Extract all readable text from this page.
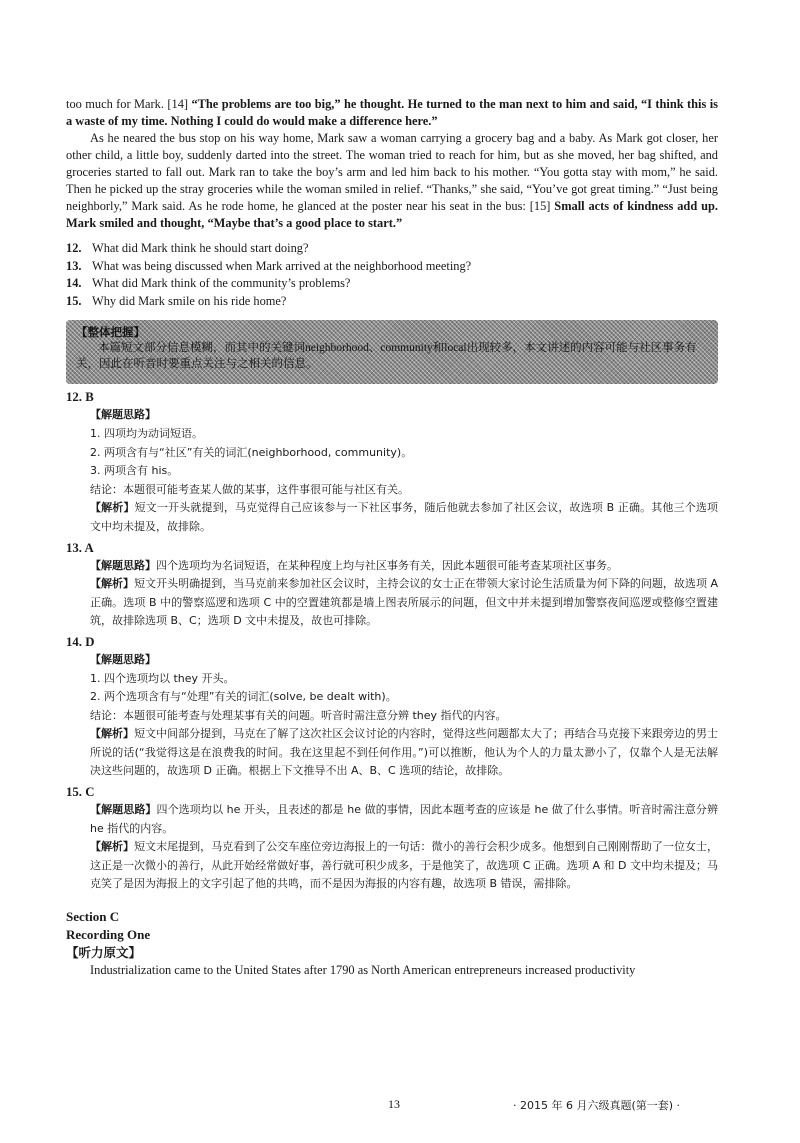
too much for Mark. [14] “The problems are too big,” he thought. He turned to the man next to him and said, “I think this is a waste of my time. Nothing I could do would make a difference here.”

As he neared the bus stop on his way home, Mark saw a woman carrying a grocery bag and a baby. As Mark got closer, her other child, a little boy, suddenly darted into the street. The woman tried to reach for him, but as she moved, her bag shifted, and groceries started to fall out. Mark ran to take the boy’s arm and led him back to his mother. “You gotta stay with mom,” he said. Then he picked up the stray groceries while the woman smiled in relief. “Thanks,” she said, “You’ve got great timing.” “Just being neighborly,” Mark said. As he rode home, he glanced at the poster near his seat in the bus: [15] Small acts of kindness add up. Mark smiled and thought, “Maybe that’s a good place to start.”

12. What did Mark think he should start doing?
13. What was being discussed when Mark arrived at the neighborhood meeting?
14. What did Mark think of the community’s problems?
15. Why did Mark smile on his ride home?
【整体把握】
本篇短文部分信息模糊，而其中的关键词neighborhood、community和local出现较多，本文讲述的内容可能与社区事务有关，因此在听音时要重点关注与之相关的信息。
12. B
【解题思路】
1. 四项均为动词短语。
2. 两项含有与“社区”有关的词汇(neighborhood, community)。
3. 两项含有 his。
结论：本题很可能考查某人做的某事，这件事很可能与社区有关。
【解析】短文一开头就提到，马克觉得自己应该参与一下社区事务，随后他就去参加了社区会议，故选项 B 正确。其他三个选项文中均未提及，故排除。
13. A
【解题思路】四个选项均为名词短语，在某种程度上均与社区事务有关，因此本题很可能考查某项社区事务。
【解析】短文开头明确提到，当马克前来参加社区会议时，主持会议的女士正在带领大家讨论生活质量为何下降的问题，故选项 A 正确。选项 B 中的警察巡逻和选项 C 中的空置建筑都是墙上图表所展示的问题，但文中并未提到增加警察夜间巡逻或整修空置建筑，故排除选项 B、C；选项 D 文中未提及，故也可排除。
14. D
【解题思路】
1. 四个选项均以 they 开头。
2. 两个选项含有与“处理”有关的词汇(solve, be dealt with)。
结论：本题很可能考查与处理某事有关的问题。听音时需注意分辨 they 指代的内容。
【解析】短文中间部分提到，马克在了解了这次社区会议讨论的内容时，觉得这些问题都太大了；再结合马克接下来跟旁边的男士所说的话(“我觉得这是在浪费我的时间。我在这里起不到任何作用。”)可以推断，他认为个人的力量太渺小了，仅靠个人是无法解决这些问题的，故选项 D 正确。根据上下文推导不出 A、B、C 选项的结论，故排除。
15. C
【解题思路】四个选项均以 he 开头，且表述的都是 he 做的事情，因此本题考查的应该是 he 做了什么事情。听音时需注意分辨 he 指代的内容。
【解析】短文末尾提到，马克看到了公交车座位旁边海报上的一句话：微小的善行会积少成多。他想到自己刚刚帮助了一位女士，这正是一次微小的善行，从此开始经常做好事，善行就可积少成多，于是他笑了，故选项 C 正确。选项 A 和 D 文中均未提及；马克笑了是因为海报上的文字引起了他的共鸣，而不是因为海报的内容有趣，故选项 B 错误，需排除。
Section C
Recording One
【听力原文】

Industrialization came to the United States after 1790 as North American entrepreneurs increased productivity

13	· 2015 年 6 月六级真题(第一套) ·
